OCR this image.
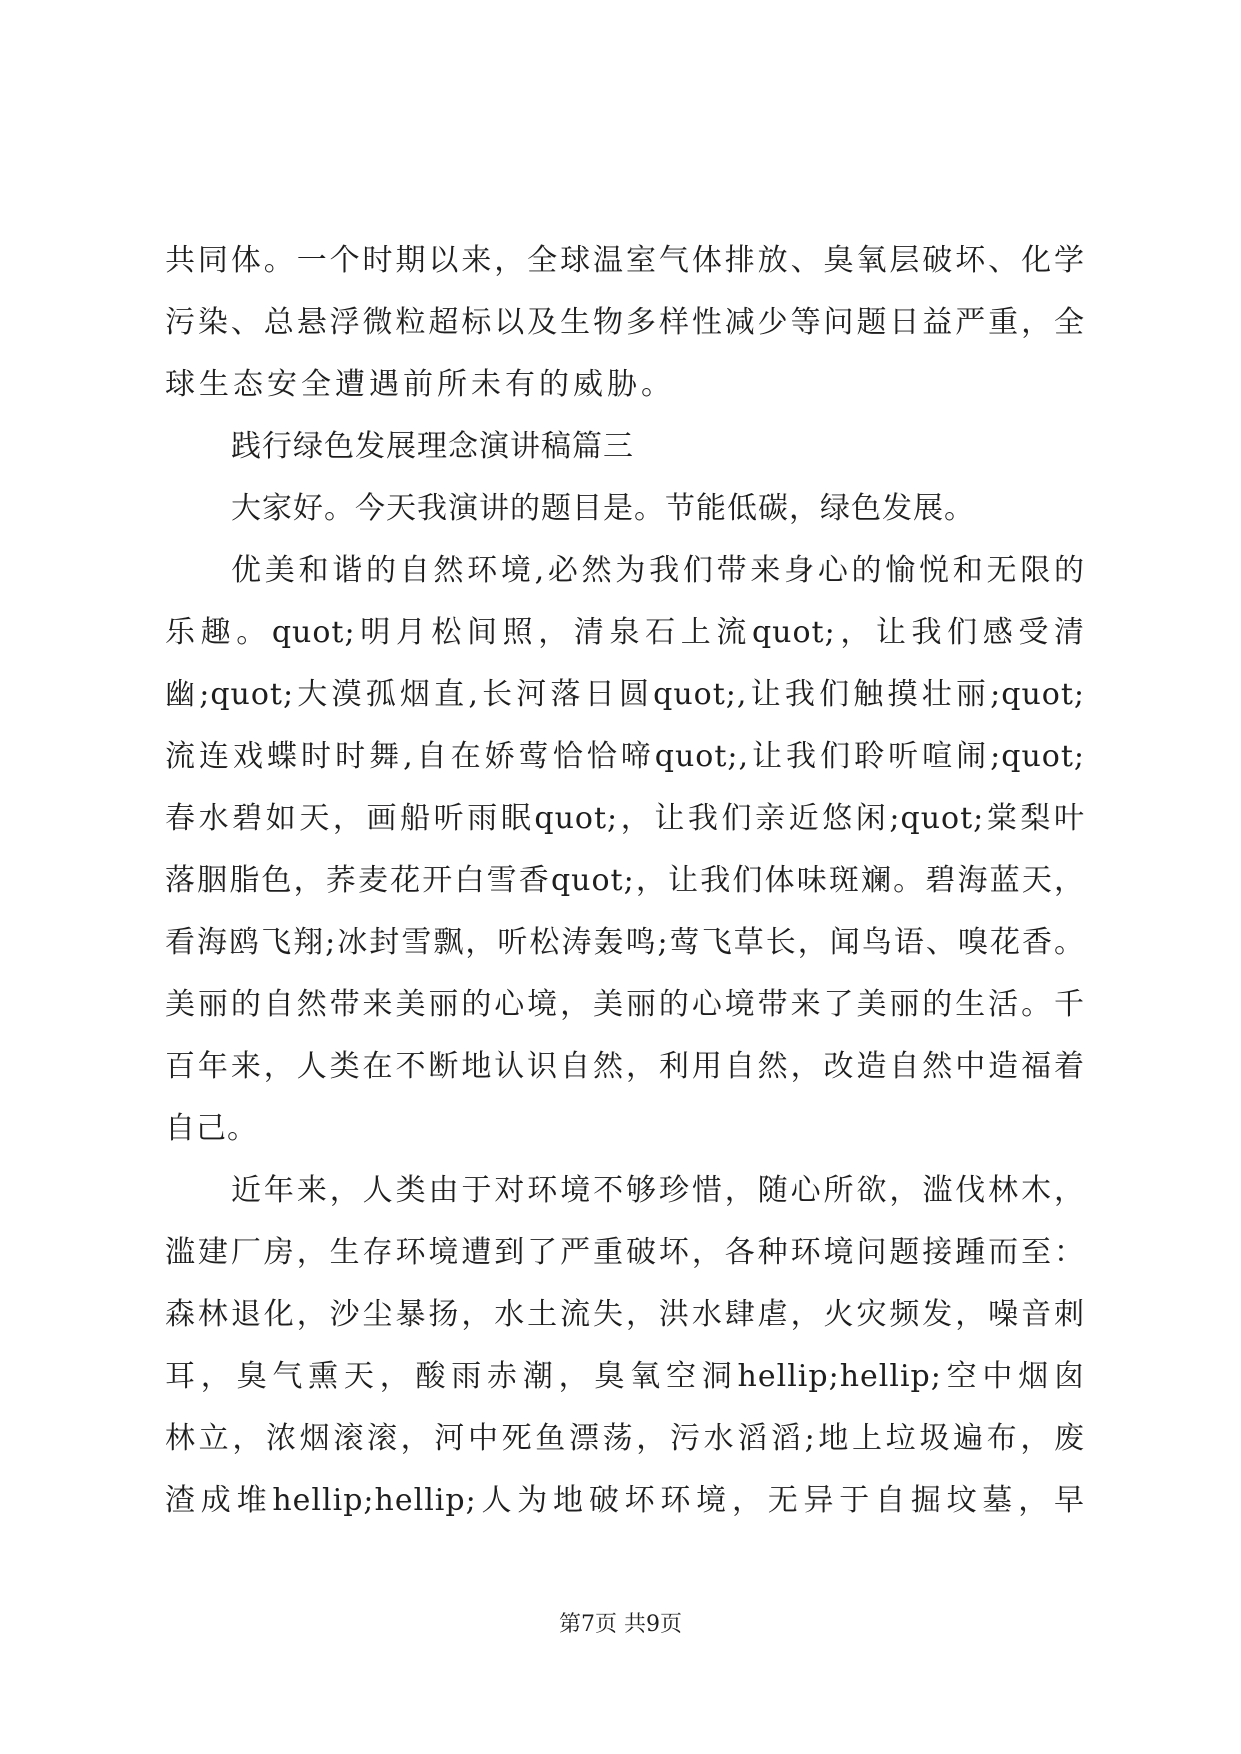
共同体。一个时期以来，全球温室气体排放、臭氧层破坏、化学
污染、总悬浮微粒超标以及生物多样性减少等问题日益严重，全
球生态安全遭遇前所未有的威胁。
践行绿色发展理念演讲稿篇三
大家好。今天我演讲的题目是。节能低碳，绿色发展。
优美和谐的自然环境,必然为我们带来身心的愉悦和无限的
乐趣。quot;明月松间照，清泉石上流quot;，让我们感受清
幽;quot;大漠孤烟直,长河落日圆quot;,让我们触摸壮丽;quot;
流连戏蝶时时舞,自在娇莺恰恰啼quot;,让我们聆听喧闹;quot;
春水碧如天，画船听雨眠quot;，让我们亲近悠闲;quot;棠梨叶
落胭脂色，荞麦花开白雪香quot;，让我们体味斑斓。碧海蓝天，
看海鸥飞翔;冰封雪飘，听松涛轰鸣;莺飞草长，闻鸟语、嗅花香。
美丽的自然带来美丽的心境，美丽的心境带来了美丽的生活。千
百年来，人类在不断地认识自然，利用自然，改造自然中造福着
自己。
近年来，人类由于对环境不够珍惜，随心所欲，滥伐林木，
滥建厂房，生存环境遭到了严重破坏，各种环境问题接踵而至：
森林退化，沙尘暴扬，水土流失，洪水肆虐，火灾频发，噪音刺
耳，臭气熏天，酸雨赤潮，臭氧空洞hellip;hellip;空中烟囱
林立，浓烟滚滚，河中死鱼漂荡，污水滔滔;地上垃圾遍布，废
渣成堆hellip;hellip;人为地破坏环境，无异于自掘坟墓，早
第7页 共9页
